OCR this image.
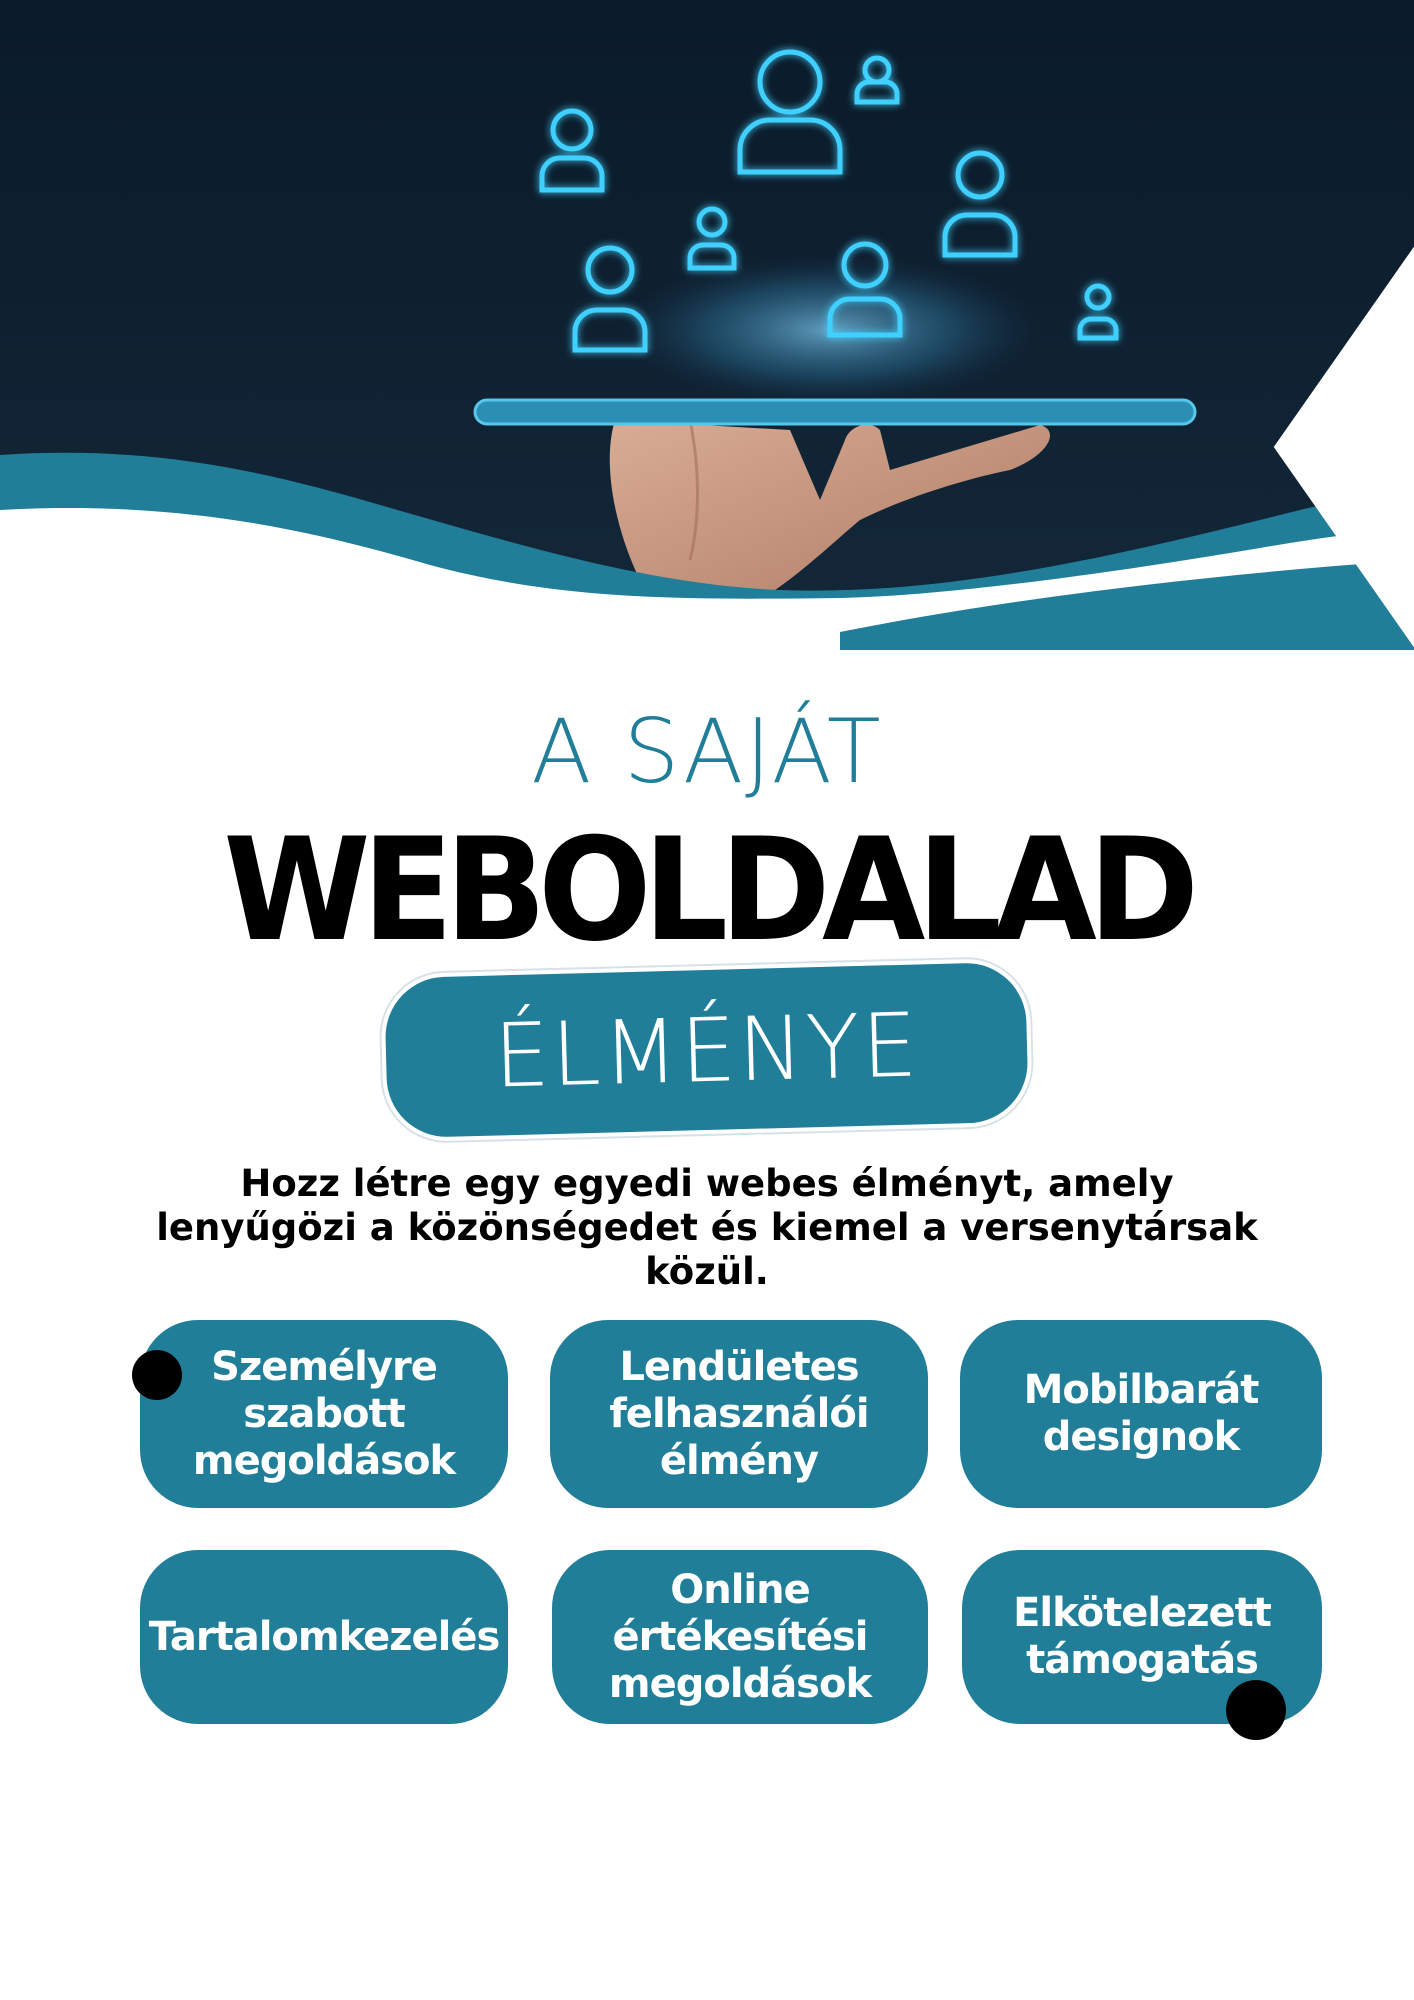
A SAJÁT
WEBOLDALAD
ÉLMÉNYE

Hozz létre egy egyedi webes élményt, amely lenyűgözi a közönségedet és kiemel a versenytársak közül.

Személyre szabott megoldások
Lendületes felhasználói élmény
Mobilbarát designok
Tartalomkezelés
Online értékesítési megoldások
Elkötelezett támogatás
